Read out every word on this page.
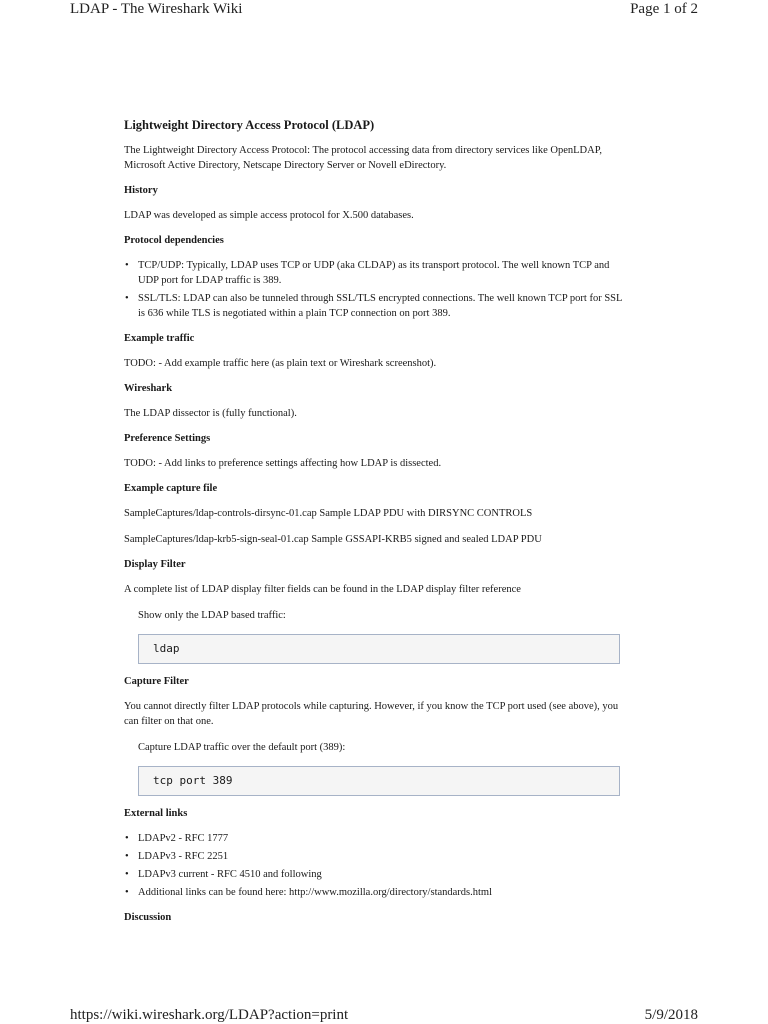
LDAP - The Wireshark Wiki	Page 1 of 2
Lightweight Directory Access Protocol (LDAP)

The Lightweight Directory Access Protocol: The protocol accessing data from directory services like OpenLDAP, Microsoft Active Directory, Netscape Directory Server or Novell eDirectory.

History

LDAP was developed as simple access protocol for X.500 databases.

Protocol dependencies
• TCP/UDP: Typically, LDAP uses TCP or UDP (aka CLDAP) as its transport protocol. The well known TCP and UDP port for LDAP traffic is 389.
• SSL/TLS: LDAP can also be tunneled through SSL/TLS encrypted connections. The well known TCP port for SSL is 636 while TLS is negotiated within a plain TCP connection on port 389.
Example traffic

TODO: - Add example traffic here (as plain text or Wireshark screenshot).

Wireshark

The LDAP dissector is (fully functional).

Preference Settings

TODO: - Add links to preference settings affecting how LDAP is dissected.

Example capture file

SampleCaptures/ldap-controls-dirsync-01.cap Sample LDAP PDU with DIRSYNC CONTROLS

SampleCaptures/ldap-krb5-sign-seal-01.cap Sample GSSAPI-KRB5 signed and sealed LDAP PDU

Display Filter

A complete list of LDAP display filter fields can be found in the LDAP display filter reference

Show only the LDAP based traffic:

ldap
Capture Filter

You cannot directly filter LDAP protocols while capturing. However, if you know the TCP port used (see above), you can filter on that one.

Capture LDAP traffic over the default port (389):

tcp port 389
External links
• LDAPv2 - RFC 1777
• LDAPv3 - RFC 2251
• LDAPv3 current - RFC 4510 and following
• Additional links can be found here: http://www.mozilla.org/directory/standards.html
Discussion
https://wiki.wireshark.org/LDAP?action=print	5/9/2018
